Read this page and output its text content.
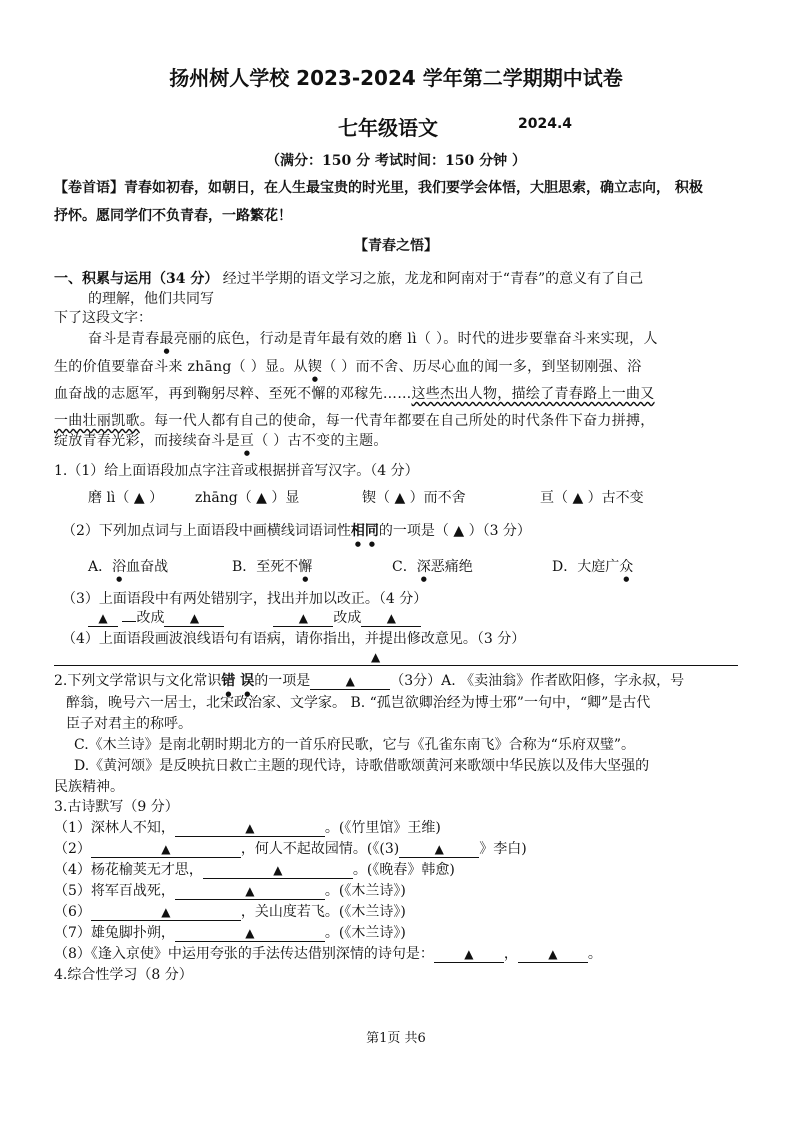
扬州树人学校 2023-2024 学年第二学期期中试卷
七年级语文	2024.4
（满分：150 分 考试时间：150 分钟 ）
【卷首语】青春如初春，如朝日，在人生最宝贵的时光里，我们要学会体悟，大胆思索，确立志向， 积极
抒怀。愿同学们不负青春，一路繁花！
【青春之悟】
一、积累与运用（34 分） 经过半学期的语文学习之旅，龙龙和阿南对于“青春”的意义有了自己
的理解，他们共同写
下了这段文字：
奋斗是青春最亮丽的底色，行动是青年最有效的磨 lì（ ）。时代的进步要靠奋斗来实现，人
生的价值要靠奋斗来 zhāng（ ）显。从锲（ ）而不舍、历尽心血的闻一多，到坚韧刚强、浴
血奋战的志愿军，再到鞠躬尽粹、至死不懈的邓稼先……这些杰出人物，描绘了青春路上一曲又
一曲壮丽凯歌。每一代人都有自己的使命，每一代青年都要在自己所处的时代条件下奋力拼搏，
绽放青春光彩，而接续奋斗是亘（ ）古不变的主题。
1.（1）给上面语段加点字注音或根据拼音写汉字。（4 分）
磨 lì（ ▲ ） zhāng（ ▲ ）显	锲（ ▲ ）而不舍	亘（ ▲ ）古不变
（2）下列加点词与上面语段中画横线词语词性相同的一项是（ ▲ ）（3 分）
A．浴血奋战	B．至死不懈	C．深恶痛绝	D．大庭广众
（3）上面语段中有两处错别字，找出并加以改正。（4 分）
▲ 改成 ▲	▲ 改成 ▲
（4）上面语段画波浪线语句有语病，请你指出，并提出修改意见。（3 分）
▲
2.下列文学常识与文化常识错 误的一项是	▲	（3分）A. 《卖油翁》作者欧阳修，字永叔，号
醉翁，晚号六一居士，北宋政治家、文学家。 B. “孤岂欲卿治经为博士邪”一句中，“卿”是古代
臣子对君主的称呼。
C.《木兰诗》是南北朝时期北方的一首乐府民歌，它与《孔雀东南飞》合称为“乐府双璧”。
D.《黄河颂》是反映抗日救亡主题的现代诗，诗歌借歌颂黄河来歌颂中华民族以及伟大坚强的
民族精神。
3.古诗默写（9 分）
（1）深林人不知，	▲	。(《竹里馆》王维)
（2）	▲	，何人不起故园情。(《(3)	▲	》李白)
（4）杨花榆荚无才思，	▲	。(《晚春》韩愈)
（5）将军百战死，	▲	。(《木兰诗》)
（6）	▲	，关山度若飞。(《木兰诗》)
（7）雄兔脚扑朔，	▲	。(《木兰诗》)
（8）《逢入京使》中运用夸张的手法传达借别深情的诗句是：	▲ ，	▲ 。
4.综合性学习（8 分）
第1页 共6
